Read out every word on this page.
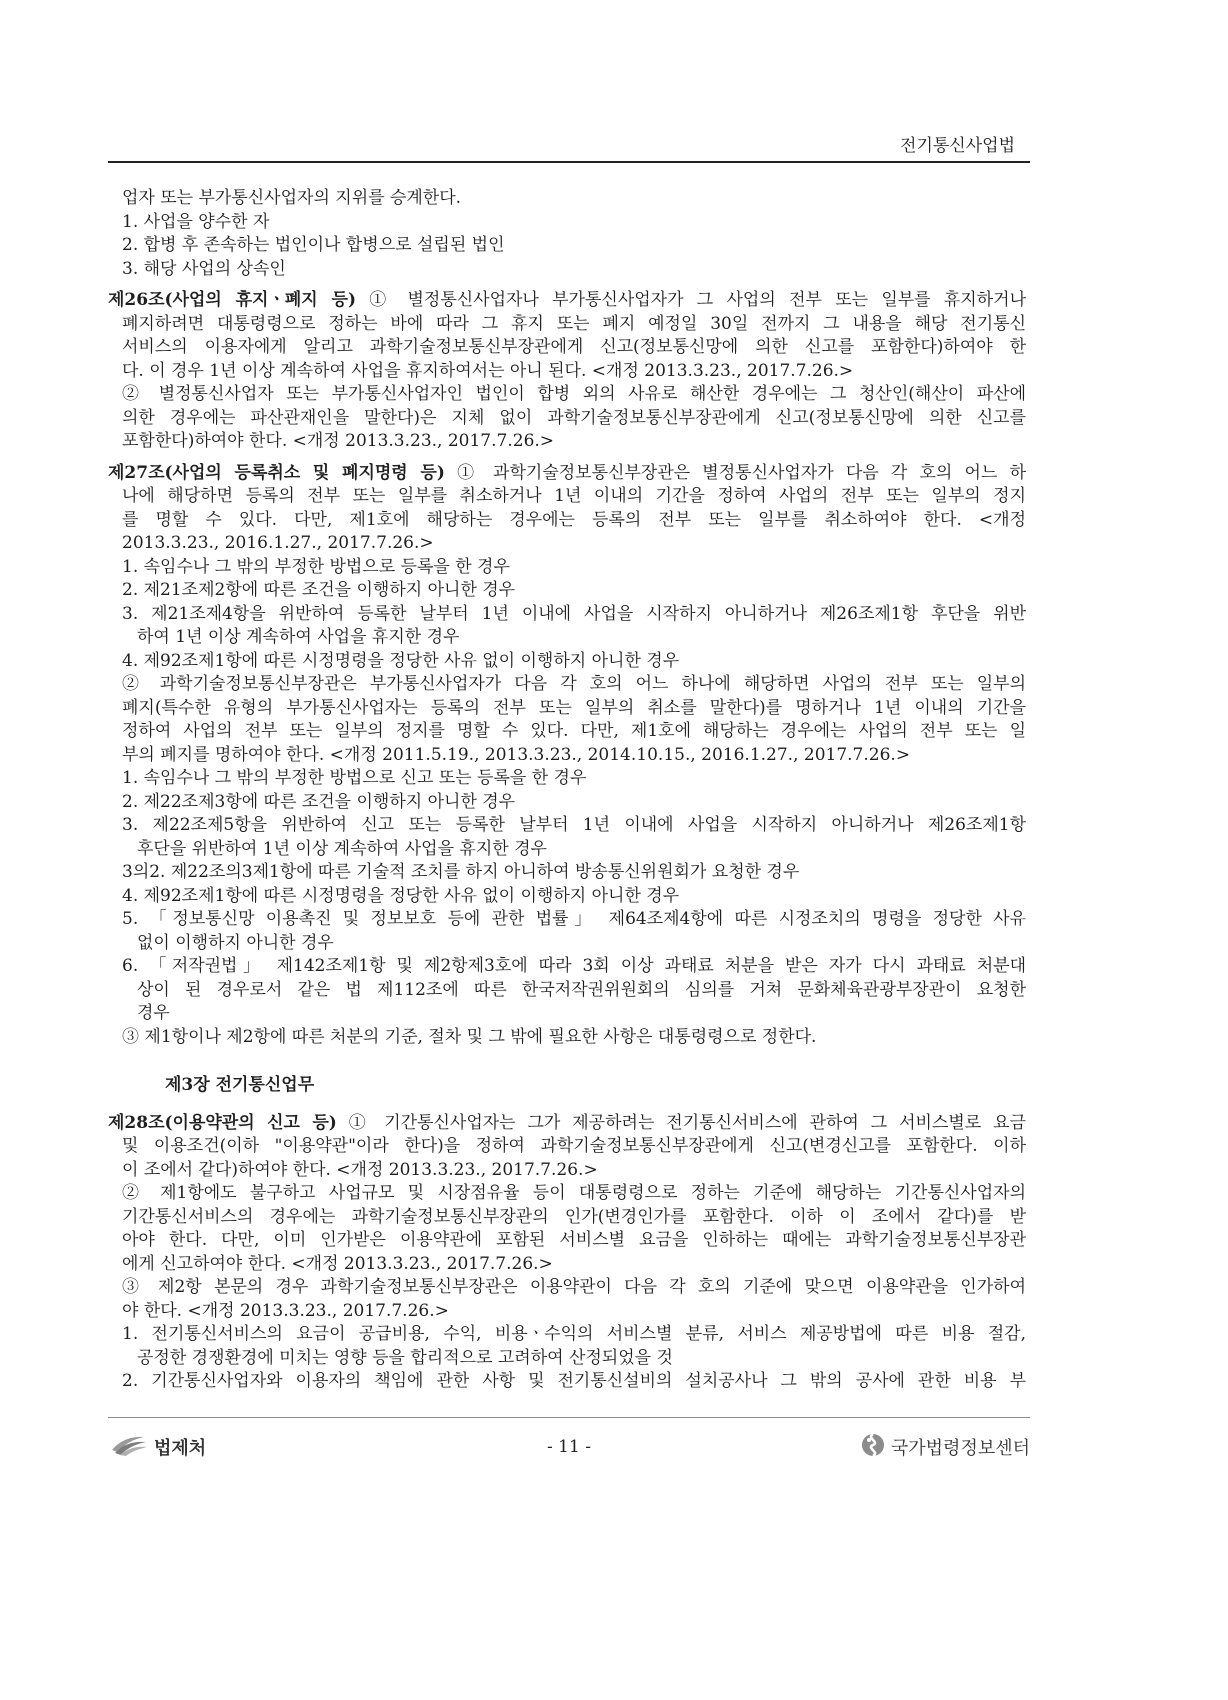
전기통신사업법
업자 또는 부가통신사업자의 지위를 승계한다.
1. 사업을 양수한 자
2. 합병 후 존속하는 법인이나 합병으로 설립된 법인
3. 해당 사업의 상속인
제26조(사업의 휴지ㆍ폐지 등) ① 별정통신사업자나 부가통신사업자가 그 사업의 전부 또는 일부를 휴지하거나
폐지하려면 대통령령으로 정하는 바에 따라 그 휴지 또는 폐지 예정일 30일 전까지 그 내용을 해당 전기통신
서비스의 이용자에게 알리고 과학기술정보통신부장관에게 신고(정보통신망에 의한 신고를 포함한다)하여야 한
다. 이 경우 1년 이상 계속하여 사업을 휴지하여서는 아니 된다. <개정 2013.3.23., 2017.7.26.>
② 별정통신사업자 또는 부가통신사업자인 법인이 합병 외의 사유로 해산한 경우에는 그 청산인(해산이 파산에
의한 경우에는 파산관재인을 말한다)은 지체 없이 과학기술정보통신부장관에게 신고(정보통신망에 의한 신고를
포함한다)하여야 한다. <개정 2013.3.23., 2017.7.26.>
제27조(사업의 등록취소 및 폐지명령 등) ① 과학기술정보통신부장관은 별정통신사업자가 다음 각 호의 어느 하
나에 해당하면 등록의 전부 또는 일부를 취소하거나 1년 이내의 기간을 정하여 사업의 전부 또는 일부의 정지
를 명할 수 있다. 다만, 제1호에 해당하는 경우에는 등록의 전부 또는 일부를 취소하여야 한다. <개정
2013.3.23., 2016.1.27., 2017.7.26.>
1. 속임수나 그 밖의 부정한 방법으로 등록을 한 경우
2. 제21조제2항에 따른 조건을 이행하지 아니한 경우
3. 제21조제4항을 위반하여 등록한 날부터 1년 이내에 사업을 시작하지 아니하거나 제26조제1항 후단을 위반
하여 1년 이상 계속하여 사업을 휴지한 경우
4. 제92조제1항에 따른 시정명령을 정당한 사유 없이 이행하지 아니한 경우
② 과학기술정보통신부장관은 부가통신사업자가 다음 각 호의 어느 하나에 해당하면 사업의 전부 또는 일부의
폐지(특수한 유형의 부가통신사업자는 등록의 전부 또는 일부의 취소를 말한다)를 명하거나 1년 이내의 기간을
정하여 사업의 전부 또는 일부의 정지를 명할 수 있다. 다만, 제1호에 해당하는 경우에는 사업의 전부 또는 일
부의 폐지를 명하여야 한다. <개정 2011.5.19., 2013.3.23., 2014.10.15., 2016.1.27., 2017.7.26.>
1. 속임수나 그 밖의 부정한 방법으로 신고 또는 등록을 한 경우
2. 제22조제3항에 따른 조건을 이행하지 아니한 경우
3. 제22조제5항을 위반하여 신고 또는 등록한 날부터 1년 이내에 사업을 시작하지 아니하거나 제26조제1항
후단을 위반하여 1년 이상 계속하여 사업을 휴지한 경우
3의2. 제22조의3제1항에 따른 기술적 조치를 하지 아니하여 방송통신위원회가 요청한 경우
4. 제92조제1항에 따른 시정명령을 정당한 사유 없이 이행하지 아니한 경우
5. 「정보통신망 이용촉진 및 정보보호 등에 관한 법률」 제64조제4항에 따른 시정조치의 명령을 정당한 사유
없이 이행하지 아니한 경우
6. 「저작권법」 제142조제1항 및 제2항제3호에 따라 3회 이상 과태료 처분을 받은 자가 다시 과태료 처분대
상이 된 경우로서 같은 법 제112조에 따른 한국저작권위원회의 심의를 거쳐 문화체육관광부장관이 요청한
경우
③ 제1항이나 제2항에 따른 처분의 기준, 절차 및 그 밖에 필요한 사항은 대통령령으로 정한다.
제3장 전기통신업무
제28조(이용약관의 신고 등) ① 기간통신사업자는 그가 제공하려는 전기통신서비스에 관하여 그 서비스별로 요금
및 이용조건(이하 "이용약관"이라 한다)을 정하여 과학기술정보통신부장관에게 신고(변경신고를 포함한다. 이하
이 조에서 같다)하여야 한다. <개정 2013.3.23., 2017.7.26.>
② 제1항에도 불구하고 사업규모 및 시장점유율 등이 대통령령으로 정하는 기준에 해당하는 기간통신사업자의
기간통신서비스의 경우에는 과학기술정보통신부장관의 인가(변경인가를 포함한다. 이하 이 조에서 같다)를 받
아야 한다. 다만, 이미 인가받은 이용약관에 포함된 서비스별 요금을 인하하는 때에는 과학기술정보통신부장관
에게 신고하여야 한다. <개정 2013.3.23., 2017.7.26.>
③ 제2항 본문의 경우 과학기술정보통신부장관은 이용약관이 다음 각 호의 기준에 맞으면 이용약관을 인가하여
야 한다. <개정 2013.3.23., 2017.7.26.>
1. 전기통신서비스의 요금이 공급비용, 수익, 비용ㆍ수익의 서비스별 분류, 서비스 제공방법에 따른 비용 절감,
공정한 경쟁환경에 미치는 영향 등을 합리적으로 고려하여 산정되었을 것
2. 기간통신사업자와 이용자의 책임에 관한 사항 및 전기통신설비의 설치공사나 그 밖의 공사에 관한 비용 부
법제처	- 11 -	국가법령정보센터
